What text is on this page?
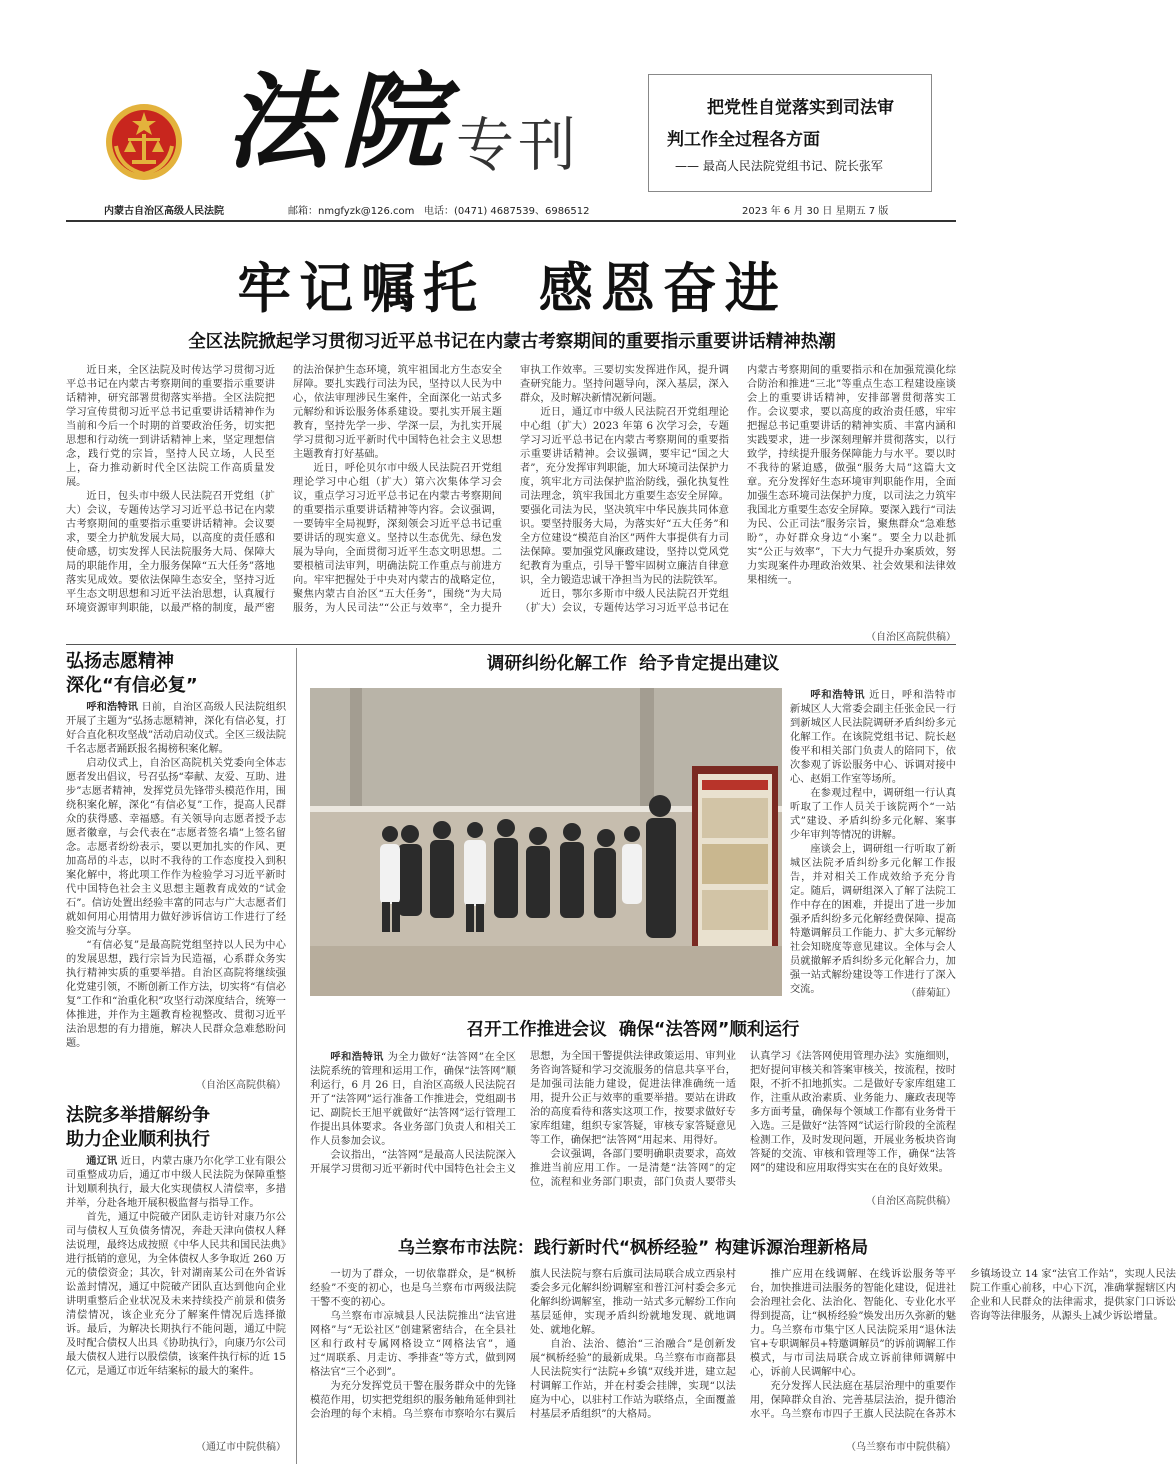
法院 专刊
把党性自觉落实到司法审
判工作全过程各方面
—— 最高人民法院党组书记、院长张军
内蒙古自治区高级人民法院	邮箱：nmgfyzk@126.com 电话：(0471) 4687539、6986512	2023 年 6 月 30 日 星期五 7 版
牢记嘱托  感恩奋进
全区法院掀起学习贯彻习近平总书记在内蒙古考察期间的重要指示重要讲话精神热潮

近日来，全区法院及时传达学习贯彻习近平总书记在内蒙古考察期间的重要指示重要讲话精神，研究部署贯彻落实举措。全区法院把学习宣传贯彻习近平总书记重要讲话精神作为当前和今后一个时期的首要政治任务，切实把思想和行动统一到讲话精神上来，坚定理想信念，践行党的宗旨，坚持人民立场，人民至上，奋力推动新时代全区法院工作高质量发展。

近日，包头市中级人民法院召开党组（扩大）会议，专题传达学习习近平总书记在内蒙古考察期间的重要指示重要讲话精神。会议要求，要全力护航发展大局，以高度的责任感和使命感，切实发挥人民法院服务大局、保障大局的职能作用，全力服务保障“五大任务”落地落实见成效。要依法保障生态安全，坚持习近平生态文明思想和习近平法治思想，认真履行环境资源审判职能，以最严格的制度，最严密的法治保护生态环境，筑牢祖国北方生态安全屏障。要扎实践行司法为民，坚持以人民为中心，依法审理涉民生案件，全面深化一站式多元解纷和诉讼服务体系建设。要扎实开展主题教育，坚持先学一步、学深一层，为扎实开展学习贯彻习近平新时代中国特色社会主义思想主题教育打好基础。

近日，呼伦贝尔市中级人民法院召开党组理论学习中心组（扩大）第六次集体学习会议，重点学习习近平总书记在内蒙古考察期间的重要指示重要讲话精神等内容。会议强调，一要铸牢全局视野，深刻领会习近平总书记重要讲话的现实意义。坚持以生态优先、绿色发展为导向，全面贯彻习近平生态文明思想。二要根植司法审判，明确法院工作重点与前进方向。牢牢把握处于中央对内蒙古的战略定位，聚焦内蒙古自治区“五大任务”，围绕“为大局服务，为人民司法”“公正与效率”，全力提升审执工作效率。三要切实发挥进作风，提升调查研究能力。坚持问题导向，深入基层，深入群众，及时解决新情况新问题。

近日，通辽市中级人民法院召开党组理论中心组（扩大）2023 年第 6 次学习会，专题学习习近平总书记在内蒙古考察期间的重要指示重要讲话精神。会议强调，要牢记“国之大者”，充分发挥审判职能，加大环境司法保护力度，筑牢北方司法保护监治防线，强化执复性司法理念，筑牢我国北方重要生态安全屏障。要强化司法为民，坚决筑牢中华民族共同体意识。要坚持服务大局，为落实好“五大任务”和全方位建设“模范自治区”两件大事提供有力司法保障。要加强党风廉政建设，坚持以党风党纪教育为重点，引导干警牢固树立廉洁自律意识，全力锻造忠诚干净担当为民的法院铁军。

近日，鄂尔多斯市中级人民法院召开党组（扩大）会议，专题传达学习习近平总书记在内蒙古考察期间的重要指示和在加强荒漠化综合防治和推进“三北”等重点生态工程建设座谈会上的重要讲话精神，安排部署贯彻落实工作。会议要求，要以高度的政治责任感，牢牢把握总书记重要讲话的精神实质、丰富内涵和实践要求，进一步深刻理解并贯彻落实，以行致学，持续提升服务保障能力与水平。要以时不我待的紧迫感，做强“服务大局”这篇大文章。充分发挥好生态环境审判职能作用，全面加强生态环境司法保护力度，以司法之力筑牢我国北方重要生态安全屏障。要深入践行“司法为民、公正司法”服务宗旨，聚焦群众“急难愁盼”，办好群众身边“小案”。要全力以赴抓实“公正与效率”，下大力气提升办案质效，努力实现案件办理政治效果、社会效果和法律效果相统一。

（自治区高院供稿）
弘扬志愿精神
深化“有信必复”

呼和浩特讯 日前，自治区高级人民法院组织开展了主题为“弘扬志愿精神，深化有信必复，打好合直化积攻坚战”活动启动仪式。全区三级法院千名志愿者踊跃报名揭榜积案化解。

启动仪式上，自治区高院机关党委向全体志愿者发出倡议，号召弘扬“奉献、友爱、互助、进步”志愿者精神，发挥党员先锋带头模范作用，围绕积案化解，深化“有信必复”工作，提高人民群众的获得感、幸福感。有关领导向志愿者授予志愿者徽章，与会代表在“志愿者签名墙”上签名留念。志愿者纷纷表示，要以更加扎实的作风、更加高昂的斗志，以时不我待的工作态度投入到积案化解中，将此项工作作为检验学习习近平新时代中国特色社会主义思想主题教育成效的“试金石”。信访处置出经验丰富的同志与广大志愿者们就如何用心用情用力做好涉诉信访工作进行了经验交流与分享。

“有信必复”是最高院党组坚持以人民为中心的发展思想，践行宗旨为民造福，心系群众务实执行精神实质的重要举措。自治区高院将继续强化党建引领，不断创新工作方法，切实将“有信必复”工作和“治重化积”攻坚行动深度结合，统筹一体推进，并作为主题教育检视整改、贯彻习近平法治思想的有力措施，解决人民群众急难愁盼问题。

（自治区高院供稿）
法院多举措解纷争
助力企业顺利执行

通辽讯 近日，内蒙古康乃尔化学工业有限公司重整成功后，通辽市中级人民法院为保障重整计划顺利执行，最大化实现债权人清偿率，多措并举，分赴各地开展积极监督与指导工作。

首先，通辽中院破产团队走访针对康乃尔公司与债权人互负债务情况，奔赴天津向债权人释法说理，最终达成按照《中华人民共和国民法典》进行抵销的意见，为全体债权人多争取近 260 万元的债偿资金；其次，针对湖南某公司在外省诉讼盖封情况，通辽中院破产团队直达到他向企业讲明重整后企业状况及未来持续投产前景和债务清偿情况，该企业充分了解案件情况后选择撤诉。最后，为解决长期执行不能问题，通辽中院及时配合债权人出具《协助执行》，向康乃尔公司最大债权人进行以股偿债，该案件执行标的近 15 亿元，是通辽市近年结案标的最大的案件。

（通辽市中院供稿）
调研纠纷化解工作  给予肯定提出建议

呼和浩特讯 近日，呼和浩特市新城区人大常委会副主任张金民一行到新城区人民法院调研矛盾纠纷多元化解工作。在该院党组书记、院长赵俊平和相关部门负责人的陪同下，依次参观了诉讼服务中心、诉调对接中心、赵娟工作室等场所。

在参观过程中，调研组一行认真听取了工作人员关于该院两个“一站式”建设、矛盾纠纷多元化解、案事少年审判等情况的讲解。

座谈会上，调研组一行听取了新城区法院矛盾纠纷多元化解工作报告，并对相关工作成效给予充分肯定。随后，调研组深入了解了法院工作中存在的困难，并提出了进一步加强矛盾纠纷多元化解经费保障、提高特邀调解员工作能力、扩大多元解纷社会知晓度等意见建议。全体与会人员就撤解矛盾纠纷多元化解合力，加强一站式解纷建设等工作进行了深入交流。	（薛菊缸）
召开工作推进会议  确保“法答网”顺利运行

呼和浩特讯 为全力做好“法答网”在全区法院系统的管理和运用工作，确保“法答网”顺利运行，6 月 26 日，自治区高级人民法院召开了“法答网”运行准备工作推进会，党组副书记、副院长王旭平就做好“法答网”运行管理工作提出具体要求。各业务部门负责人和相关工作人员参加会议。

会议指出，“法答网”是最高人民法院深入开展学习贯彻习近平新时代中国特色社会主义思想，为全国干警提供法律政策运用、审判业务咨询答疑和学习交流服务的信息共享平台，是加强司法能力建设，促进法律准确统一适用，提升公正与效率的重要举措。要站在讲政治的高度看待和落实这项工作，按要求做好专家库组建，组织专家答疑，审核专家答疑意见等工作，确保把“法答网”用起来、用得好。

会议强调，各部门要明确职责要求，高效推进当前应用工作。一是清楚“法答网”的定位，流程和业务部门职责，部门负责人要带头认真学习《法答网使用管理办法》实施细则，把好提问审核关和答案审核关，按流程，按时限，不折不扣地抓实。二是做好专家库组建工作，注重从政治素质、业务能力、廉政表现等多方面考量，确保每个领域工作都有业务骨干入选。三是做好“法答网”试运行阶段的全流程检测工作，及时发现问题，开展业务板块咨询答疑的交流、审核和管理等工作，确保“法答网”的建设和应用取得实实在在的良好效果。

（自治区高院供稿）
乌兰察布市法院：践行新时代“枫桥经验” 构建诉源治理新格局

一切为了群众，一切依靠群众，是“枫桥经验”不变的初心，也是乌兰察布市两级法院干警不变的初心。

乌兰察布市凉城县人民法院推出“法官进网格”与“无讼社区”创建紧密结合，在全县社区和行政村专属网格设立“网格法官”，通过“周联系、月走访、季排查”等方式，做到网格法官“三个必到”。

为充分发挥党员干警在服务群众中的先锋模范作用，切实把党组织的服务触角延伸到社会治理的每个末梢。乌兰察布市察哈尔右翼后旗人民法院与察右后旗司法局联合成立西泉村委会多元化解纠纷调解室和普江河村委会多元化解纠纷调解室，推动一站式多元解纷工作向基层延伸，实现矛盾纠纷就地发现、就地调处、就地化解。

自治、法治、德治“三治融合”是创新发展“枫桥经验”的最新成果。乌兰察布市商都县人民法院实行“法院+乡镇”双线并进，建立起村调解工作站，并在村委会挂牌，实现“以法庭为中心，以驻村工作站为联络点，全面覆盖村基层矛盾组织”的大格局。

推广应用在线调解、在线诉讼服务等平台，加快推进司法服务的智能化建设，促进社会治理社会化、法治化、智能化、专业化水平得到提高，让“枫桥经验”焕发出历久弥新的魅力。乌兰察布市集宁区人民法院采用“退休法官+专职调解员+特邀调解员”的诉前调解工作模式，与市司法局联合成立诉前律师调解中心，诉前人民调解中心。

充分发挥人民法庭在基层治理中的重要作用，保障群众自治、完善基层法治，提升德治水平。乌兰察布市四子王旗人民法院在各苏木乡镇场设立 14 家“法官工作站”，实现人民法院工作重心前移，中心下沉，准确掌握辖区内企业和人民群众的法律需求，提供家门口诉讼咨询等法律服务，从源头上减少诉讼增量。

（乌兰察布市中院供稿）
